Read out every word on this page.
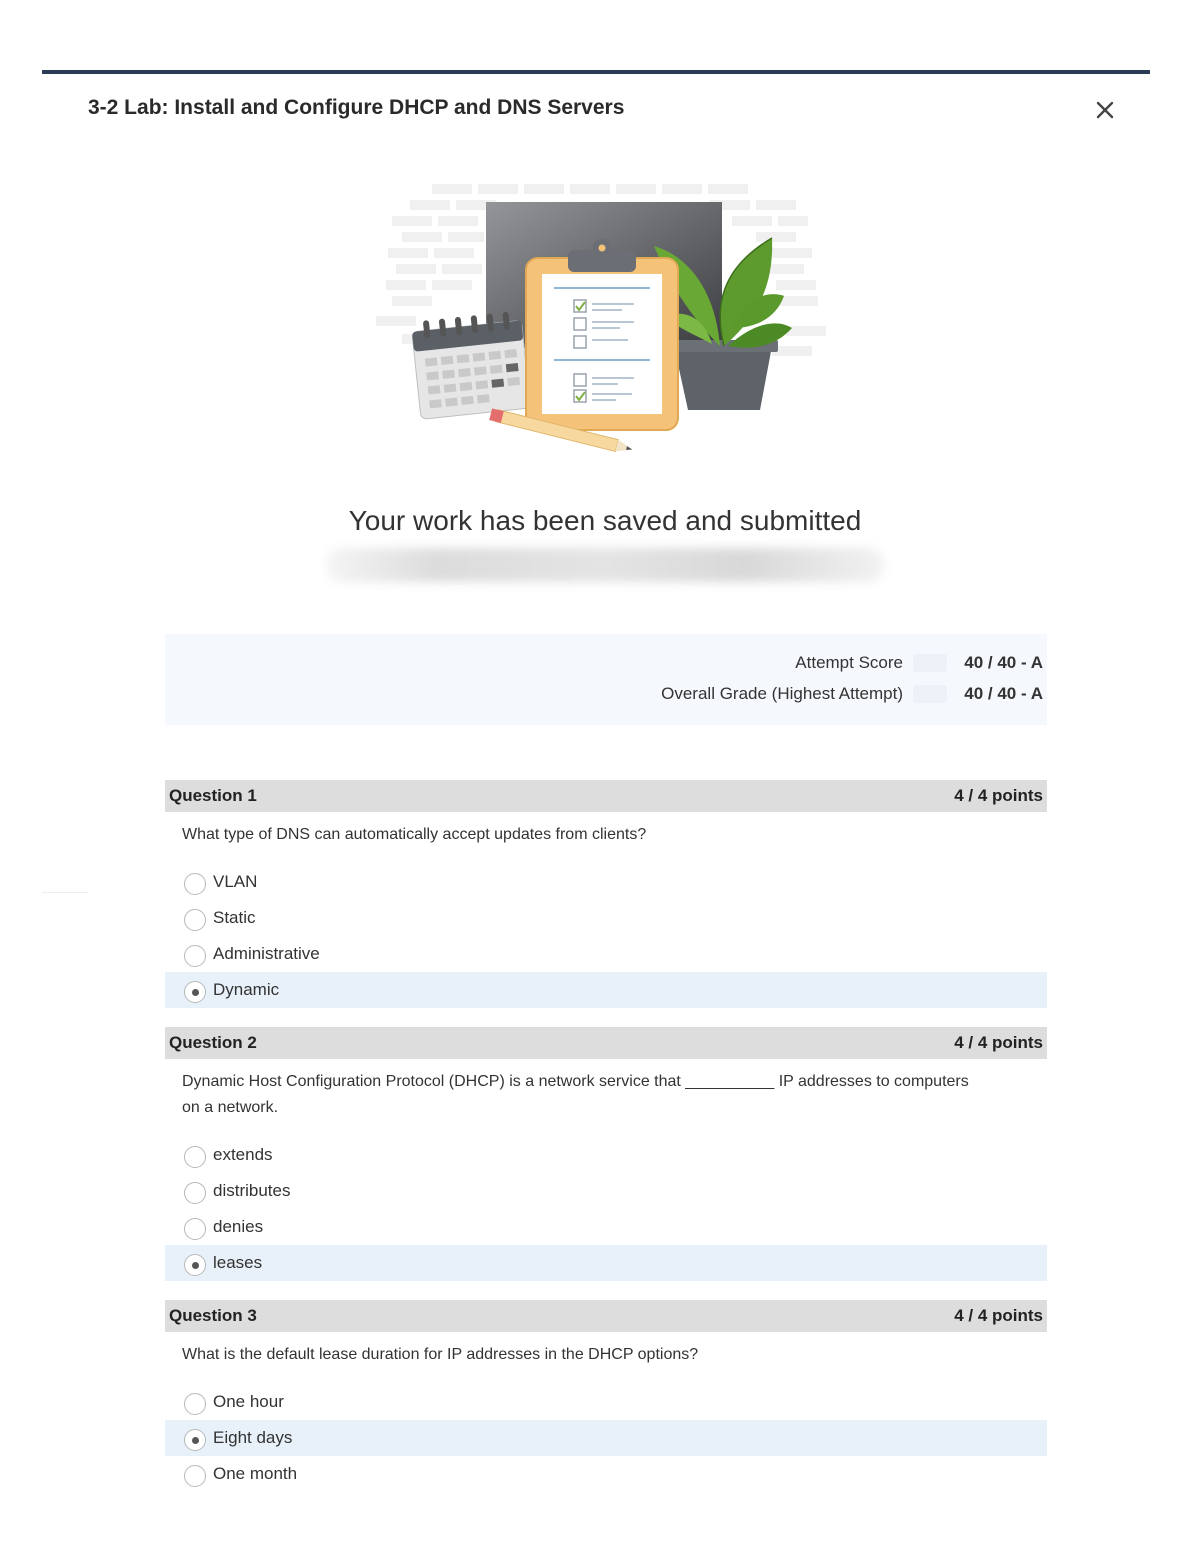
3-2 Lab: Install and Configure DHCP and DNS Servers
Your work has been saved and submitted
Attempt Score	40 / 40 - A
Overall Grade (Highest Attempt)	40 / 40 - A
Question 1	4 / 4 points
What type of DNS can automatically accept updates from clients?
VLAN
Static
Administrative
Dynamic
Question 2	4 / 4 points
Dynamic Host Configuration Protocol (DHCP) is a network service that __________ IP addresses to computers on a network.
extends
distributes
denies
leases
Question 3	4 / 4 points
What is the default lease duration for IP addresses in the DHCP options?
One hour
Eight days
One month
